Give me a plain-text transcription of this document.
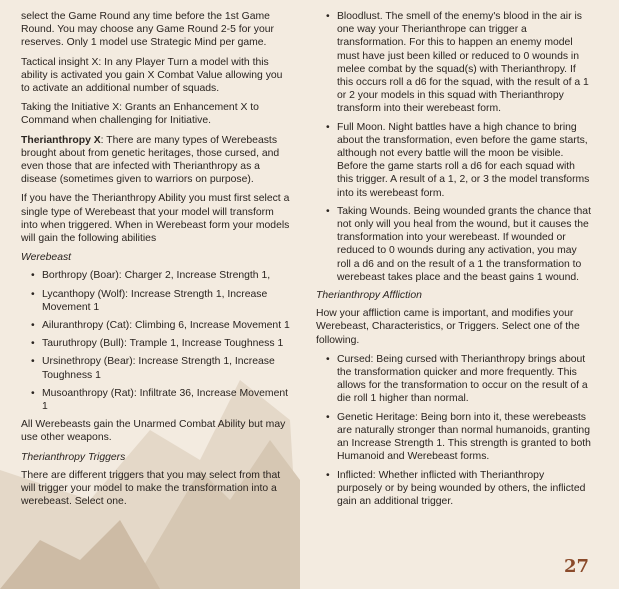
select the Game Round any time before the 1st Game Round. You may choose any Game Round 2-5 for your reserves. Only 1 model use Strategic Mind per game.

Tactical insight X: In any Player Turn a model with this ability is activated you gain X Combat Value allowing you to activate an additional number of squads.

Taking the Initiative X: Grants an Enhancement X to Command when challenging for Initiative.

Therianthropy X: There are many types of Werebeasts brought about from genetic heritages, those cursed, and even those that are infected with Therianthropy as a disease (sometimes given to warriors on purpose).

If you have the Therianthropy Ability you must first select a single type of Werebeast that your model will transform into when triggered. When in Werebeast form your models will gain the following abilities

Werebeast
• Borthropy (Boar): Charger 2, Increase Strength 1,
• Lycanthopy (Wolf): Increase Strength 1, Increase Movement 1
• Ailuranthropy (Cat): Climbing 6, Increase Movement 1
• Tauruthropy (Bull): Trample 1, Increase Toughness 1
• Ursinethropy (Bear): Increase Strength 1, Increase Toughness 1
• Musoanthropy (Rat): Infiltrate 36, Increase Movement 1

All Werebeasts gain the Unarmed Combat Ability but may use other weapons.

Therianthropy Triggers

There are different triggers that you may select from that will trigger your model to make the transformation into a werebeast. Select one.

• Bloodlust. The smell of the enemy's blood in the air is one way your Therianthrope can trigger a transformation. For this to happen an enemy model must have just been killed or reduced to 0 wounds in melee combat by the squad(s) with Therianthropy. If this occurs roll a d6 for the squad, with the result of a 1 or 2 your models in this squad with Therianthropy transform into their werebeast form.
• Full Moon. Night battles have a high chance to bring about the transformation, even before the game starts, although not every battle will the moon be visible. Before the game starts roll a d6 for each squad with this trigger. A result of a 1, 2, or 3 the model transforms into its werebeast form.
• Taking Wounds. Being wounded grants the chance that not only will you heal from the wound, but it causes the transformation into your werebeast. If wounded or reduced to 0 wounds during any activation, you may roll a d6 and on the result of a 1 the transformation to werebeast takes place and the beast gains 1 wound.
Therianthropy Affliction

How your affliction came is important, and modifies your Werebeast, Characteristics, or Triggers. Select one of the following.

• Cursed: Being cursed with Therianthropy brings about the transformation quicker and more frequently. This allows for the transformation to occur on the result of a die roll 1 higher than normal.
• Genetic Heritage: Being born into it, these werebeasts are naturally stronger than normal humanoids, granting an Increase Strength 1. This strength is granted to both Humanoid and Werebeast forms.
• Inflicted: Whether inflicted with Therianthropy purposely or by being wounded by others, the inflicted gain an additional trigger.
27
